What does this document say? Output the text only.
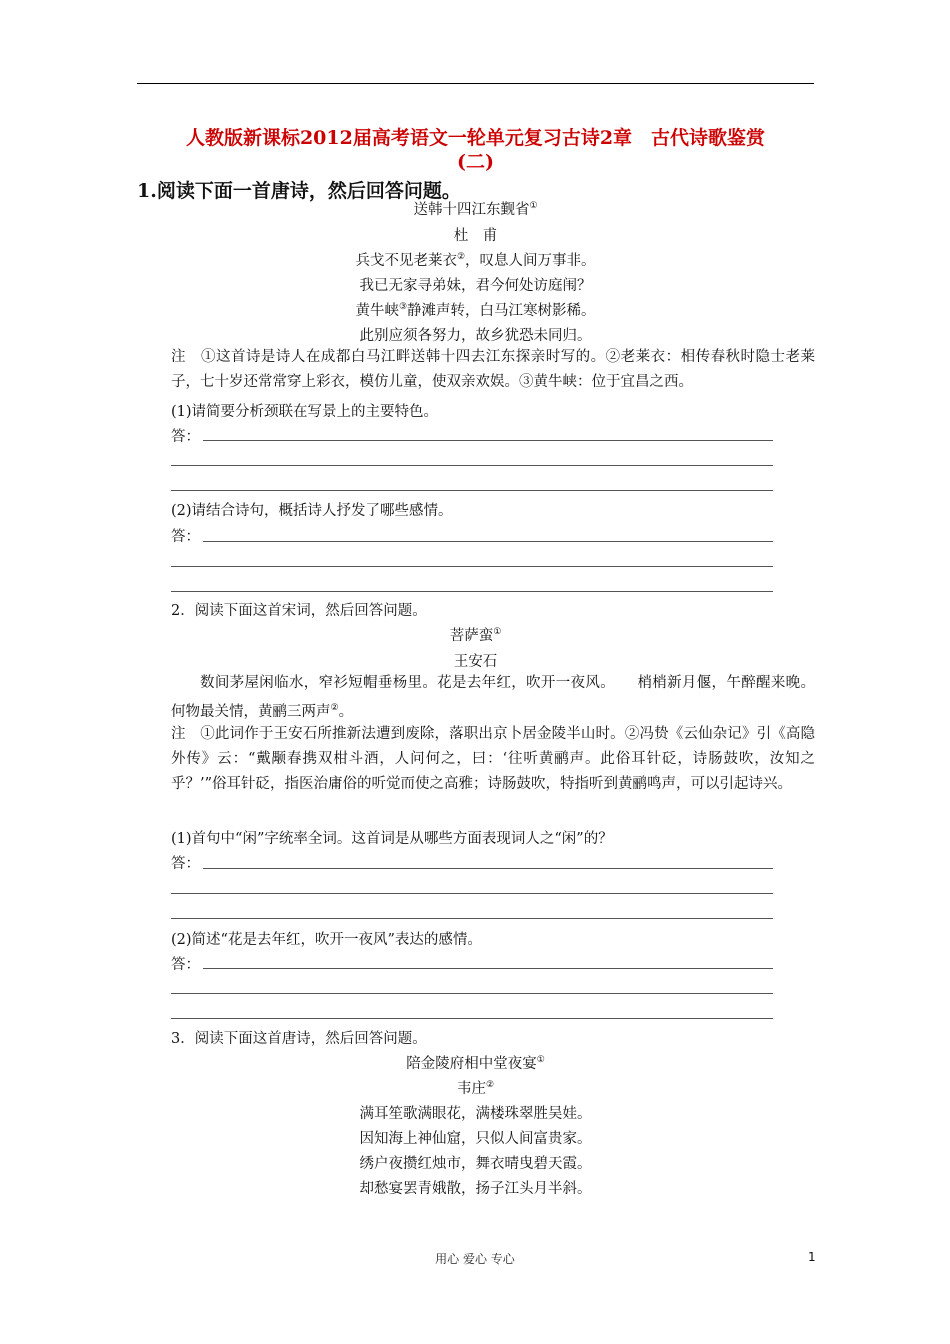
人教版新课标2012届高考语文一轮单元复习古诗2章　古代诗歌鉴赏
(二)
1.阅读下面一首唐诗，然后回答问题。
送韩十四江东觐省①
杜　甫
兵戈不见老莱衣②，叹息人间万事非。
我已无家寻弟妹，君今何处访庭闱？
黄牛峡③静滩声转，白马江寒树影稀。
此别应须各努力，故乡犹恐未同归。
注　①这首诗是诗人在成都白马江畔送韩十四去江东探亲时写的。②老莱衣：相传春秋时隐士老莱子，七十岁还常常穿上彩衣，模仿儿童，使双亲欢娱。③黄牛峡：位于宜昌之西。
(1)请简要分析颈联在写景上的主要特色。
答：
(2)请结合诗句，概括诗人抒发了哪些感情。
答：
2．阅读下面这首宋词，然后回答问题。
菩萨蛮①
王安石
数间茅屋闲临水，窄衫短帽垂杨里。花是去年红，吹开一夜风。　　梢梢新月偃，午醉醒来晚。何物最关情，黄鹂三两声②。
注　①此词作于王安石所推新法遭到废除，落职出京卜居金陵半山时。②冯贽《云仙杂记》引《高隐外传》云：“戴颙春携双柑斗酒，人问何之，曰：‘往听黄鹂声。此俗耳针砭，诗肠鼓吹，汝知之乎？’”俗耳针砭，指医治庸俗的听觉而使之高雅；诗肠鼓吹，特指听到黄鹂鸣声，可以引起诗兴。
(1)首句中“闲”字统率全词。这首词是从哪些方面表现词人之“闲”的？
答：
(2)简述“花是去年红，吹开一夜风”表达的感情。
答：
3．阅读下面这首唐诗，然后回答问题。
陪金陵府相中堂夜宴①
韦庄②
满耳笙歌满眼花，满楼珠翠胜吴娃。
因知海上神仙窟，只似人间富贵家。
绣户夜攒红烛市，舞衣晴曳碧天霞。
却愁宴罢青娥散，扬子江头月半斜。
用心 爱心 专心	1
